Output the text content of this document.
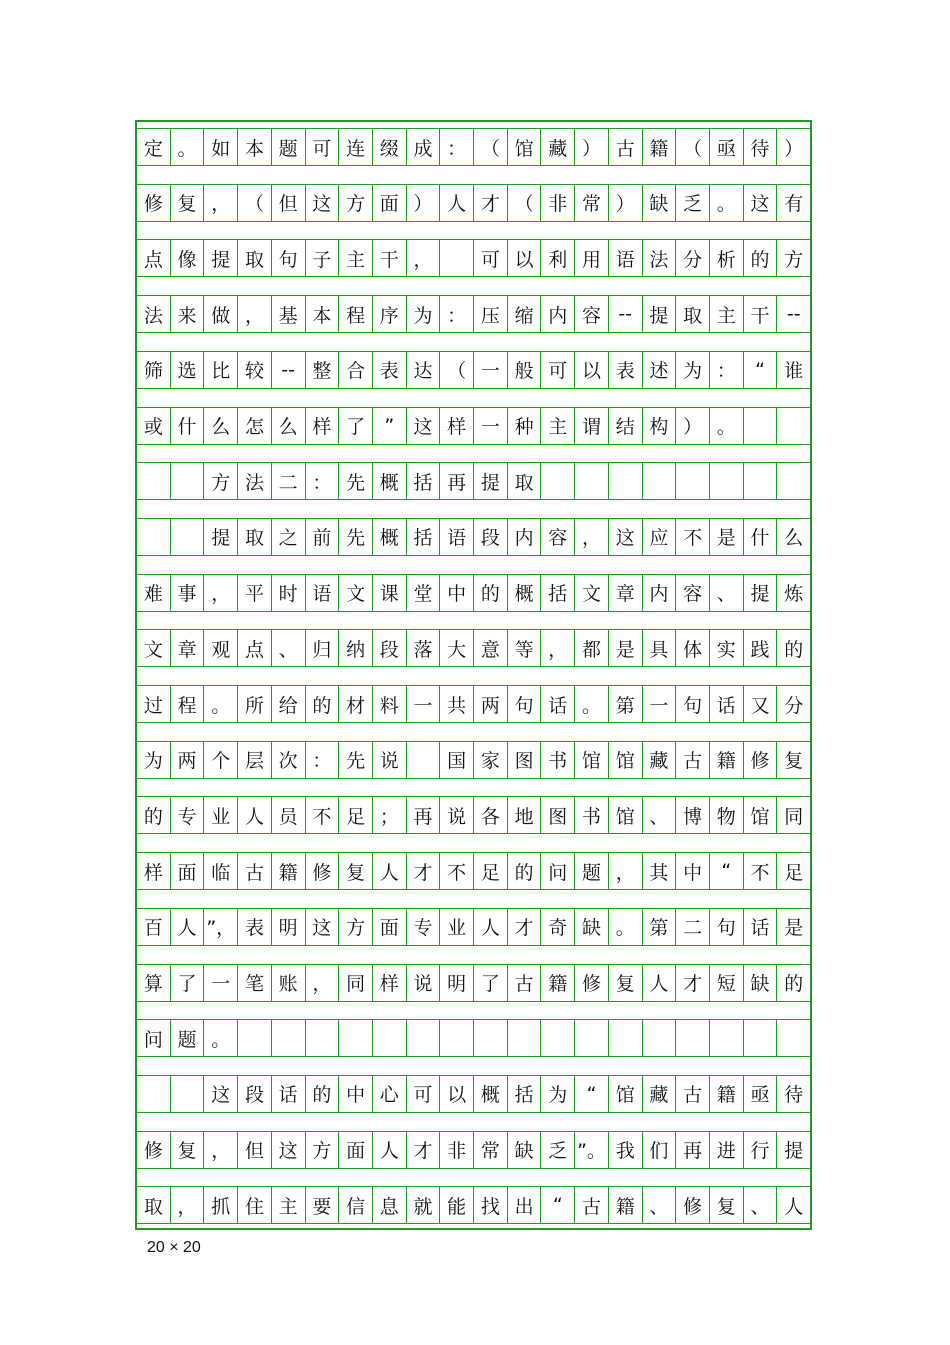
定 。 如 本 题 可 连 缀 成 ： （ 馆 藏 ） 古 籍 （ 亟 待 ）
修 复 ， （ 但 这 方 面 ） 人 才 （ 非 常 ） 缺 乏 。 这 有
点 像 提 取 句 子 主 干 ，	可 以 利 用 语 法 分 析 的 方
法 来 做 ， 基 本 程 序 为 ： 压 缩 内 容 -- 提 取 主 干 --
筛 选 比 较 -- 整 合 表 达 （ 一 般 可 以 表 述 为 ：	“	谁
或 什 么 怎 么 样 了	”	这 样 一 种 主 谓 结 构 ） 。
方 法 二 ： 先 概 括 再 提 取
提 取 之 前 先 概 括 语 段 内 容 ， 这 应 不 是 什 么
难 事 ， 平 时 语 文 课 堂 中 的 概 括 文 章 内 容 、 提 炼
文 章 观 点 、 归 纳 段 落 大 意 等 ， 都 是 具 体 实 践 的
过 程 。 所 给 的 材 料 一 共 两 句 话 。 第 一 句 话 又 分
为 两 个 层 次 ： 先 说	国 家 图 书 馆 馆 藏 古 籍 修 复
的 专 业 人 员 不 足 ； 再 说 各 地 图 书 馆 、 博 物 馆 同
样 面 临 古 籍 修 复 人 才 不 足 的 问 题 ， 其 中	“	不 足
百 人 ”， 表 明 这 方 面 专 业 人 才 奇 缺 。 第 二 句 话 是
算 了 一 笔 账 ， 同 样 说 明 了 古 籍 修 复 人 才 短 缺 的
问 题 。
这 段 话 的 中 心 可 以 概 括 为	“	馆 藏 古 籍 亟 待
修 复 ， 但 这 方 面 人 才 非 常 缺 乏 ”。 我 们 再 进 行 提
取 ， 抓 住 主 要 信 息 就 能 找 出	“	古 籍 、 修 复 、 人
20 × 20
